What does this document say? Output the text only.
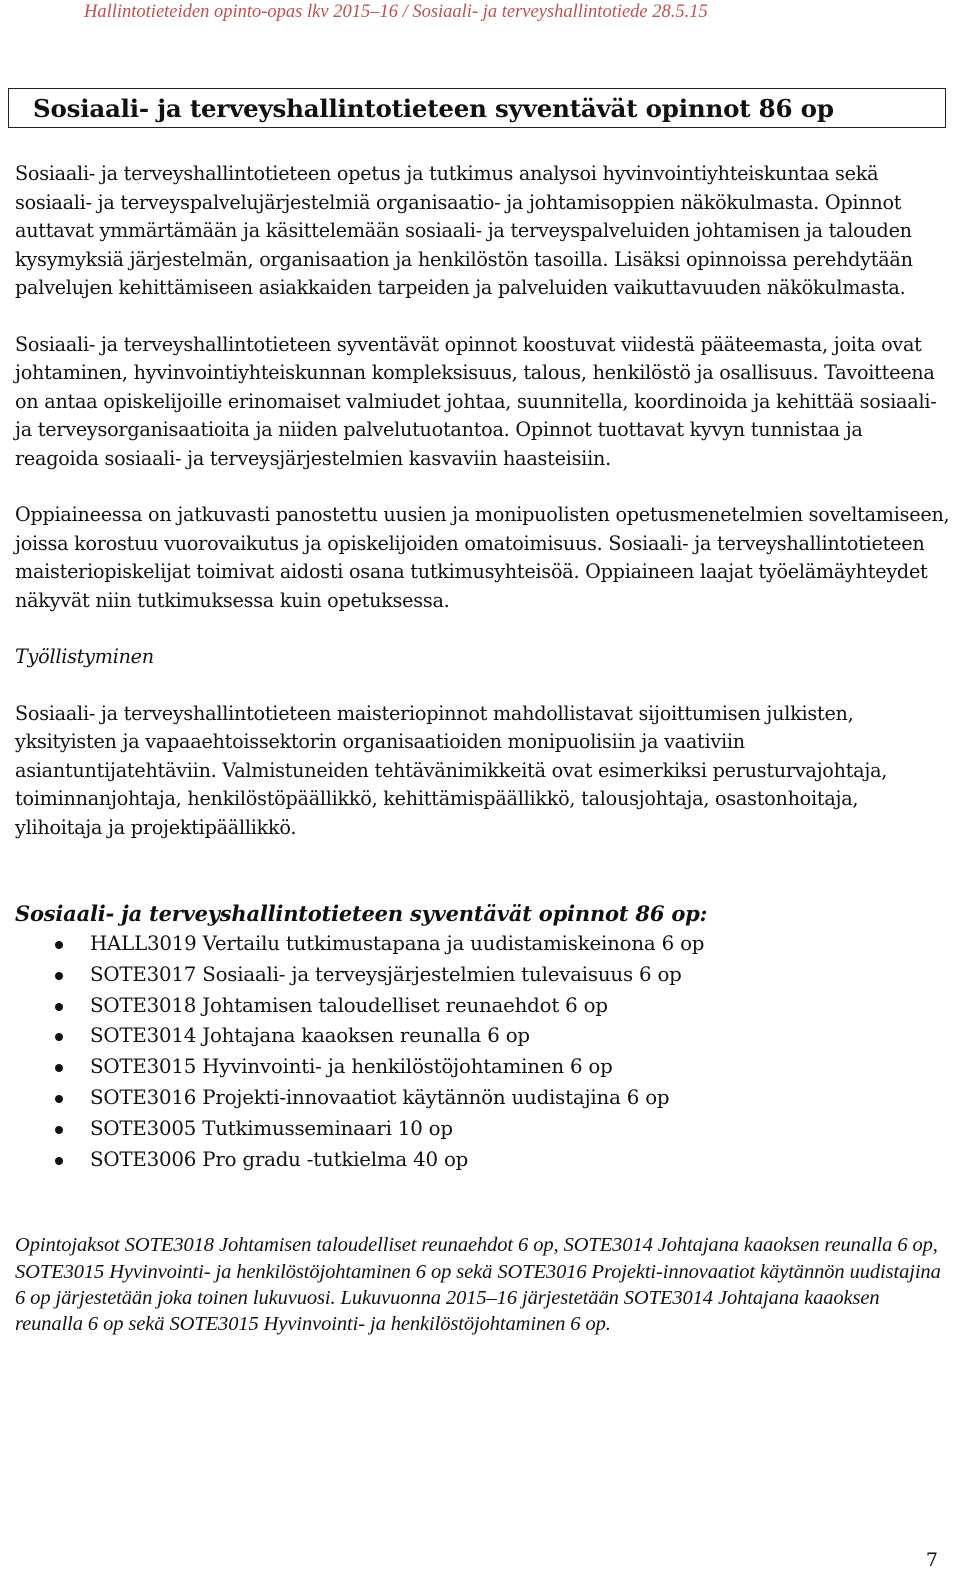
Hallintotieteiden opinto-opas lkv 2015–16 / Sosiaali- ja terveyshallintotiede 28.5.15
Sosiaali- ja terveyshallintotieteen syventävät opinnot 86 op

Sosiaali- ja terveyshallintotieteen opetus ja tutkimus analysoi hyvinvointiyhteiskuntaa sekä sosiaali- ja terveyspalvelujärjestelmiä organisaatio- ja johtamisoppien näkökulmasta. Opinnot auttavat ymmärtämään ja käsittelemään sosiaali- ja terveyspalveluiden johtamisen ja talouden kysymyksiä järjestelmän, organisaation ja henkilöstön tasoilla. Lisäksi opinnoissa perehdytään palvelujen kehittämiseen asiakkaiden tarpeiden ja palveluiden vaikuttavuuden näkökulmasta.

Sosiaali- ja terveyshallintotieteen syventävät opinnot koostuvat viidestä pääteemasta, joita ovat johtaminen, hyvinvointiyhteiskunnan kompleksisuus, talous, henkilöstö ja osallisuus. Tavoitteena on antaa opiskelijoille erinomaiset valmiudet johtaa, suunnitella, koordinoida ja kehittää sosiaali- ja terveysorganisaatioita ja niiden palvelutuotantoa. Opinnot tuottavat kyvyn tunnistaa ja reagoida sosiaali- ja terveysjärjestelmien kasvaviin haasteisiin.

Oppiaineessa on jatkuvasti panostettu uusien ja monipuolisten opetusmenetelmien soveltamiseen, joissa korostuu vuorovaikutus ja opiskelijoiden omatoimisuus. Sosiaali- ja terveyshallintotieteen maisteriopiskelijat toimivat aidosti osana tutkimusyhteisöä. Oppiaineen laajat työelämäyhteydet näkyvät niin tutkimuksessa kuin opetuksessa.

Työllistyminen

Sosiaali- ja terveyshallintotieteen maisteriopinnot mahdollistavat sijoittumisen julkisten, yksityisten ja vapaaehtoissektorin organisaatioiden monipuolisiin ja vaativiin asiantuntijatehtäviin. Valmistuneiden tehtävänimikkeitä ovat esimerkiksi perusturvajohtaja, toiminnanjohtaja, henkilöstöpäällikkö, kehittämispäällikkö, talousjohtaja, osastonhoitaja, ylihoitaja ja projektipäällikkö.

Sosiaali- ja terveyshallintotieteen syventävät opinnot 86 op:

HALL3019 Vertailu tutkimustapana ja uudistamiskeinona 6 op
SOTE3017 Sosiaali- ja terveysjärjestelmien tulevaisuus 6 op
SOTE3018 Johtamisen taloudelliset reunaehdot 6 op
SOTE3014 Johtajana kaaoksen reunalla 6 op
SOTE3015 Hyvinvointi- ja henkilöstöjohtaminen 6 op
SOTE3016 Projekti-innovaatiot käytännön uudistajina 6 op
SOTE3005 Tutkimusseminaari 10 op
SOTE3006 Pro gradu -tutkielma 40 op

Opintojaksot SOTE3018 Johtamisen taloudelliset reunaehdot 6 op, SOTE3014 Johtajana kaaoksen reunalla 6 op, SOTE3015 Hyvinvointi- ja henkilöstöjohtaminen 6 op sekä SOTE3016 Projekti-innovaatiot käytännön uudistajina 6 op järjestetään joka toinen lukuvuosi. Lukuvuonna 2015–16 järjestetään SOTE3014 Johtajana kaaoksen reunalla 6 op sekä SOTE3015 Hyvinvointi- ja henkilöstöjohtaminen 6 op.

7
